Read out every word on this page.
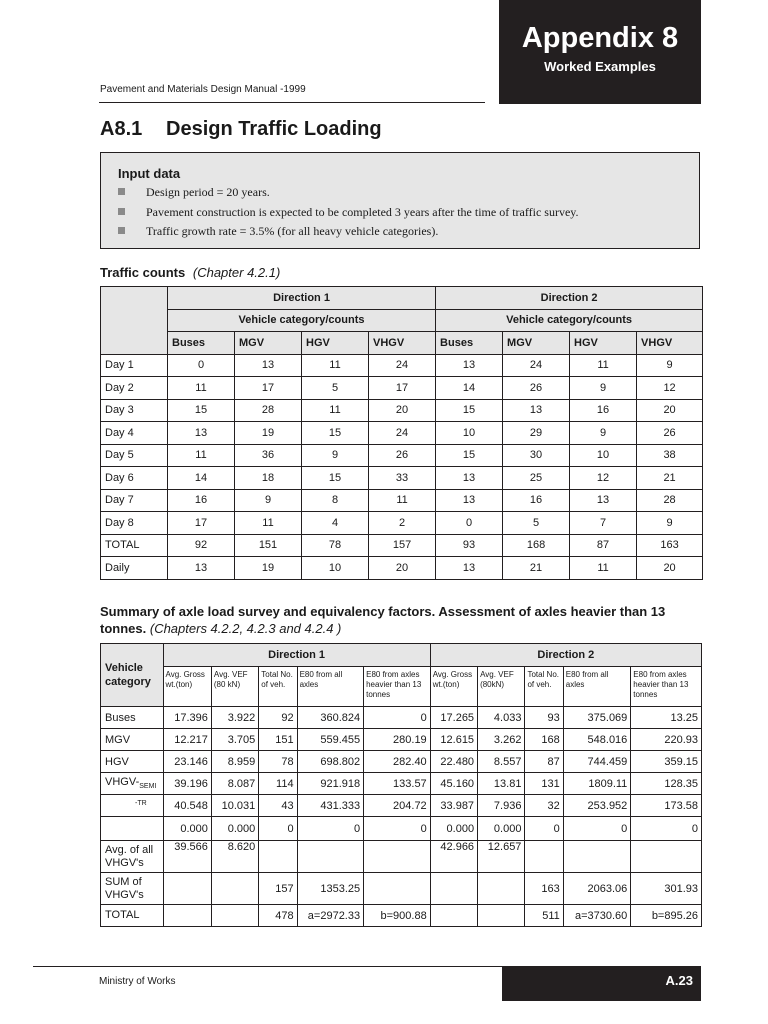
Appendix 8
Worked Examples
Pavement and Materials Design Manual -1999
A8.1 Design Traffic Loading
Input data
Design period = 20 years.
Pavement construction is expected to be completed 3 years after the time of traffic survey.
Traffic growth rate = 3.5% (for all heavy vehicle categories).
Traffic counts (Chapter 4.2.1)
	Direction 1				Direction 2			
	Vehicle category/counts				Vehicle category/counts			
	Buses	MGV	HGV	VHGV	Buses	MGV	HGV	VHGV
Day 1	0	13	11	24	13	24	11	9
Day 2	11	17	5	17	14	26	9	12
Day 3	15	28	11	20	15	13	16	20
Day 4	13	19	15	24	10	29	9	26
Day 5	11	36	9	26	15	30	10	38
Day 6	14	18	15	33	13	25	12	21
Day 7	16	9	8	11	13	16	13	28
Day 8	17	11	4	2	0	5	7	9
TOTAL	92	151	78	157	93	168	87	163
Daily	13	19	10	20	13	21	11	20
Summary of axle load survey and equivalency factors. Assessment of axles heavier than 13 tonnes. (Chapters 4.2.2, 4.2.3 and 4.2.4 )
Vehicle category	Direction 1					Direction 2				
	Avg. Gross wt.(ton)	Avg. VEF (80 kN)	Total No. of veh.	E80 from all axles	E80 from axles heavier than 13 tonnes	Avg. Gross wt.(ton)	Avg. VEF (80kN)	Total No. of veh.	E80 from all axles	E80 from axles heavier than 13 tonnes
Buses	17.396	3.922	92	360.824	0	17.265	4.033	93	375.069	13.25
MGV	12.217	3.705	151	559.455	280.19	12.615	3.262	168	548.016	220.93
HGV	23.146	8.959	78	698.802	282.40	22.480	8.557	87	744.459	359.15
VHGV-$_{SEMI}$	39.196	8.087	114	921.918	133.57	45.160	13.81	131	1809.11	128.35
$^{-TR}$	40.548	10.031	43	431.333	204.72	33.987	7.936	32	253.952	173.58
	0.000	0.000	0	0	0	0.000	0.000	0	0	0
Avg. of all VHGV's	39.566	8.620				42.966	12.657			
SUM of VHGV's			157	1353.25				163	2063.06	301.93
TOTAL			478	a=2972.33	b=900.88			511	a=3730.60	b=895.26
Ministry of Works	A.23
